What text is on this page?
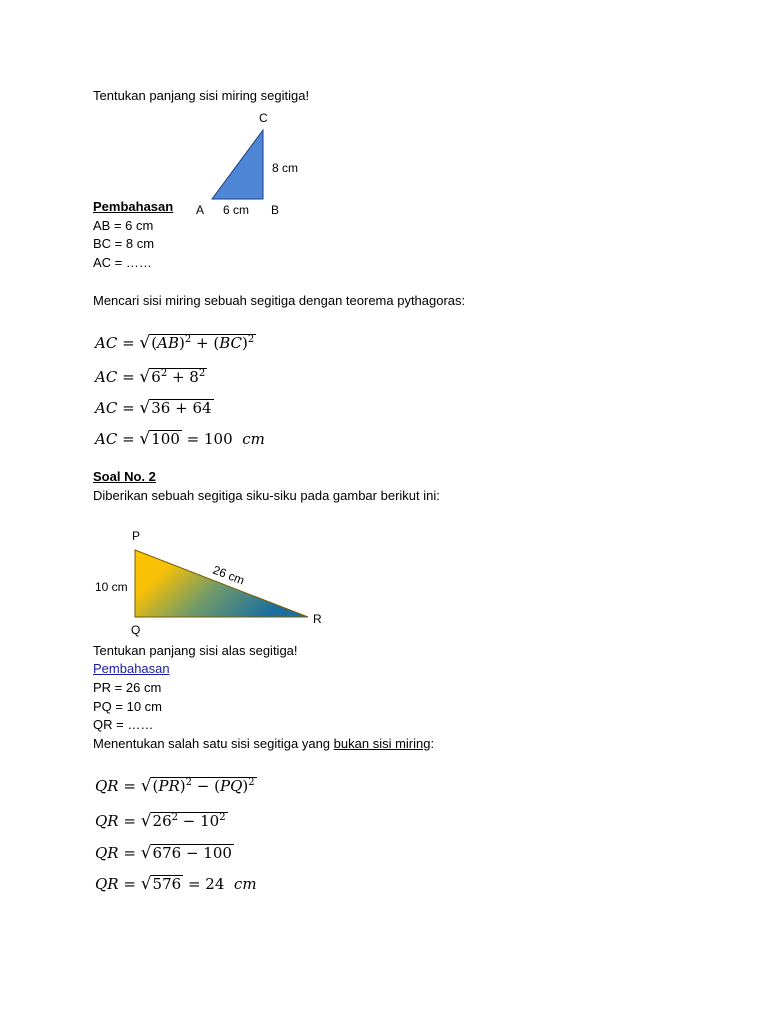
Tentukan panjang sisi miring segitiga!
C
A	B
8 cm
6 cm
Pembahasan
AB = 6 cm
BC = 8 cm
AC = ……
Mencari sisi miring sebuah segitiga dengan teorema pythagoras:
AC = √(AB)$^2$ + (BC)$^2$
AC = $√6^2 + 8^2$
AC = √36 + 64
AC = √100 = 100  cm
Soal No. 2
Diberikan sebuah segitiga siku-siku pada gambar berikut ini:
P
Q
R
10 cm	26 cm
Tentukan panjang sisi alas segitiga!
Pembahasan
PR = 26 cm
PQ = 10 cm
QR = ……
Menentukan salah satu sisi segitiga yang bukan sisi miring:
QR = √(PR)$^2$ − (PQ)$^2$
QR = $√26^2 - 10^2$
QR = √676 − 100
QR = √576 = 24  cm
